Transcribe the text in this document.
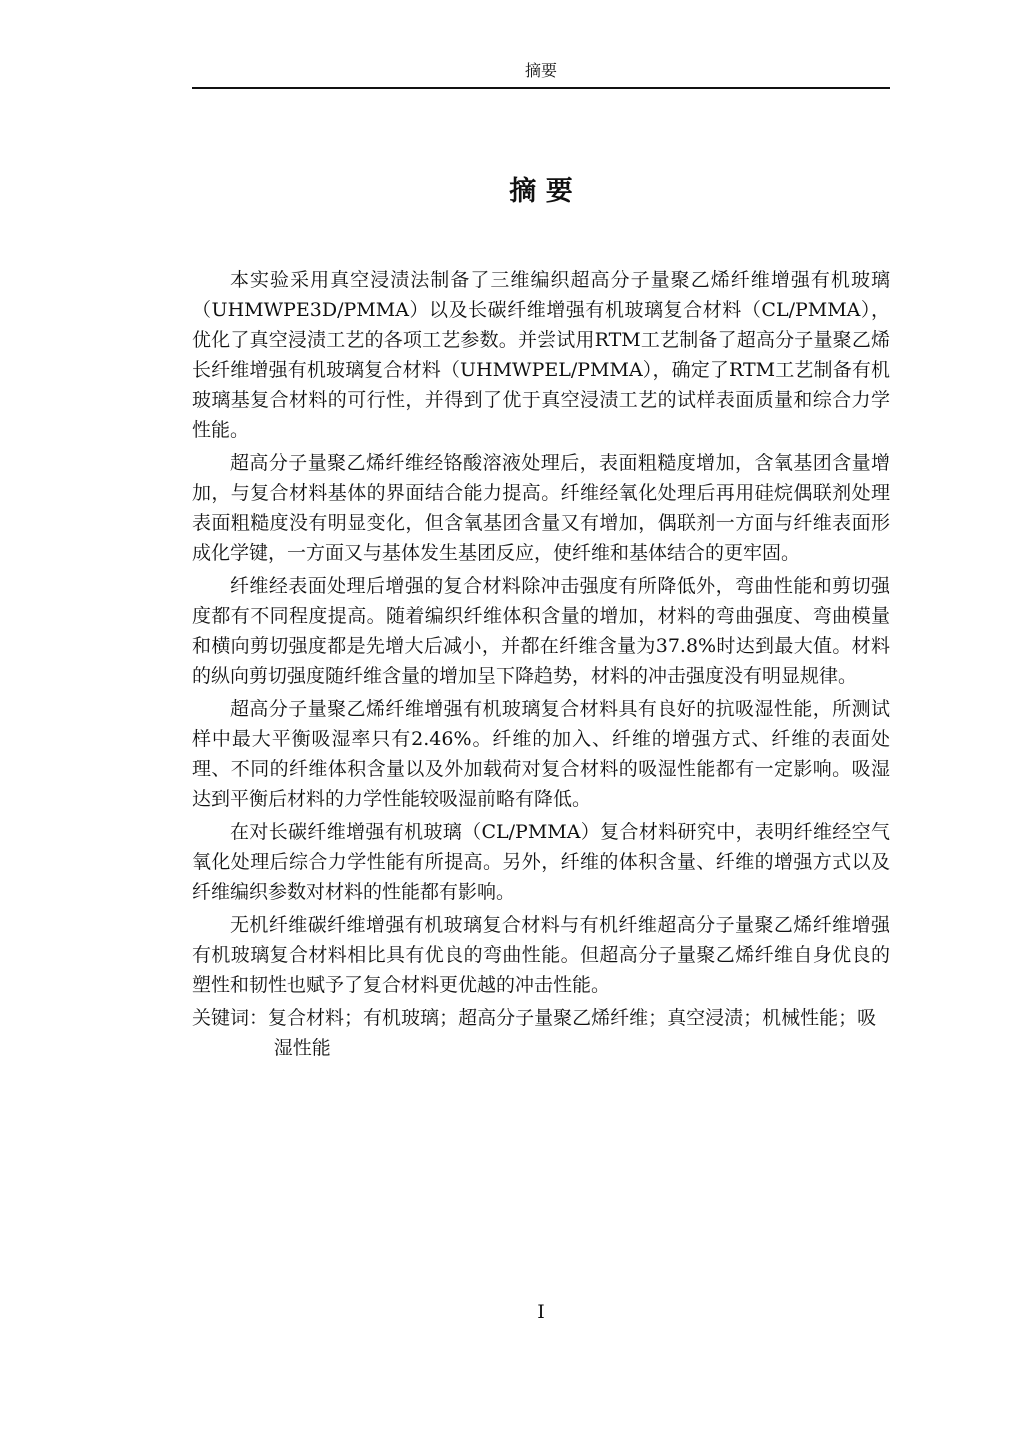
摘要
摘 要

本实验采用真空浸渍法制备了三维编织超高分子量聚乙烯纤维增强有机玻璃（UHMWPE3D/PMMA）以及长碳纤维增强有机玻璃复合材料（CL/PMMA），优化了真空浸渍工艺的各项工艺参数。并尝试用RTM工艺制备了超高分子量聚乙烯长纤维增强有机玻璃复合材料（UHMWPEL/PMMA），确定了RTM工艺制备有机玻璃基复合材料的可行性，并得到了优于真空浸渍工艺的试样表面质量和综合力学性能。

超高分子量聚乙烯纤维经铬酸溶液处理后，表面粗糙度增加，含氧基团含量增加，与复合材料基体的界面结合能力提高。纤维经氧化处理后再用硅烷偶联剂处理表面粗糙度没有明显变化，但含氧基团含量又有增加，偶联剂一方面与纤维表面形成化学键，一方面又与基体发生基团反应，使纤维和基体结合的更牢固。

纤维经表面处理后增强的复合材料除冲击强度有所降低外，弯曲性能和剪切强度都有不同程度提高。随着编织纤维体积含量的增加，材料的弯曲强度、弯曲模量和横向剪切强度都是先增大后减小，并都在纤维含量为37.8%时达到最大值。材料的纵向剪切强度随纤维含量的增加呈下降趋势，材料的冲击强度没有明显规律。

超高分子量聚乙烯纤维增强有机玻璃复合材料具有良好的抗吸湿性能，所测试样中最大平衡吸湿率只有2.46%。纤维的加入、纤维的增强方式、纤维的表面处理、不同的纤维体积含量以及外加载荷对复合材料的吸湿性能都有一定影响。吸湿达到平衡后材料的力学性能较吸湿前略有降低。

在对长碳纤维增强有机玻璃（CL/PMMA）复合材料研究中，表明纤维经空气氧化处理后综合力学性能有所提高。另外，纤维的体积含量、纤维的增强方式以及纤维编织参数对材料的性能都有影响。

无机纤维碳纤维增强有机玻璃复合材料与有机纤维超高分子量聚乙烯纤维增强有机玻璃复合材料相比具有优良的弯曲性能。但超高分子量聚乙烯纤维自身优良的塑性和韧性也赋予了复合材料更优越的冲击性能。

关键词：复合材料；有机玻璃；超高分子量聚乙烯纤维；真空浸渍；机械性能；吸湿性能

I
